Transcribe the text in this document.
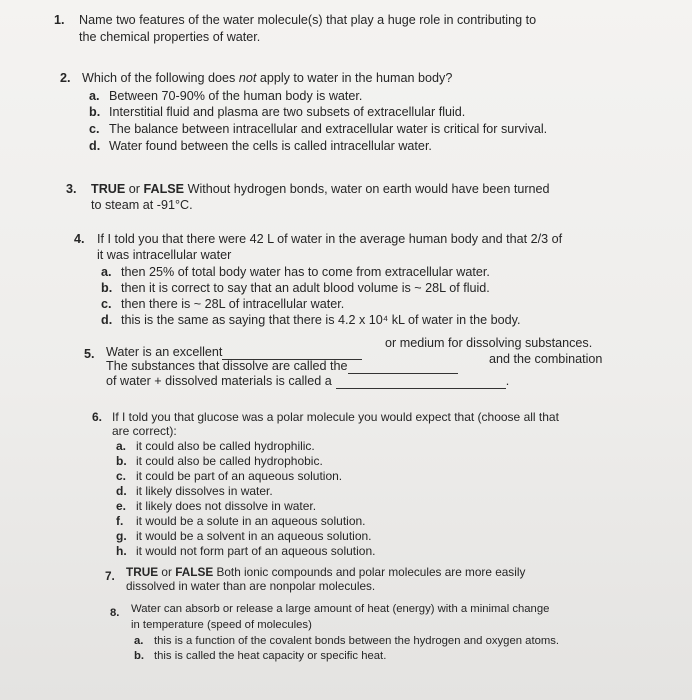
1. Name two features of the water molecule(s) that play a huge role in contributing to
the chemical properties of water.
2. Which of the following does not apply to water in the human body?
a. Between 70-90% of the human body is water.
b. Interstitial fluid and plasma are two subsets of extracellular fluid.
c. The balance between intracellular and extracellular water is critical for survival.
d. Water found between the cells is called intracellular water.
3. TRUE or FALSE Without hydrogen bonds, water on earth would have been turned
to steam at -91°C.
4. If I told you that there were 42 L of water in the average human body and that 2/3 of
it was intracellular water
a. then 25% of total body water has to come from extracellular water.
b. then it is correct to say that an adult blood volume is ~ 28L of fluid.
c. then there is ~ 28L of intracellular water.
d. this is the same as saying that there is 4.2 x 10⁴ kL of water in the body.
5. Water is an excellent
or medium for dissolving substances.
The substances that dissolve are called the	and the combination
of water + dissolved materials is called a	.
6. If I told you that glucose was a polar molecule you would expect that (choose all that
are correct):
a. it could also be called hydrophilic.
b. it could also be called hydrophobic.
c. it could be part of an aqueous solution.
d. it likely dissolves in water.
e. it likely does not dissolve in water.
f. it would be a solute in an aqueous solution.
g. it would be a solvent in an aqueous solution.
h. it would not form part of an aqueous solution.
7. TRUE or FALSE Both ionic compounds and polar molecules are more easily
dissolved in water than are nonpolar molecules.
8. Water can absorb or release a large amount of heat (energy) with a minimal change
in temperature (speed of molecules)
a. this is a function of the covalent bonds between the hydrogen and oxygen atoms.
b. this is called the heat capacity or specific heat.
